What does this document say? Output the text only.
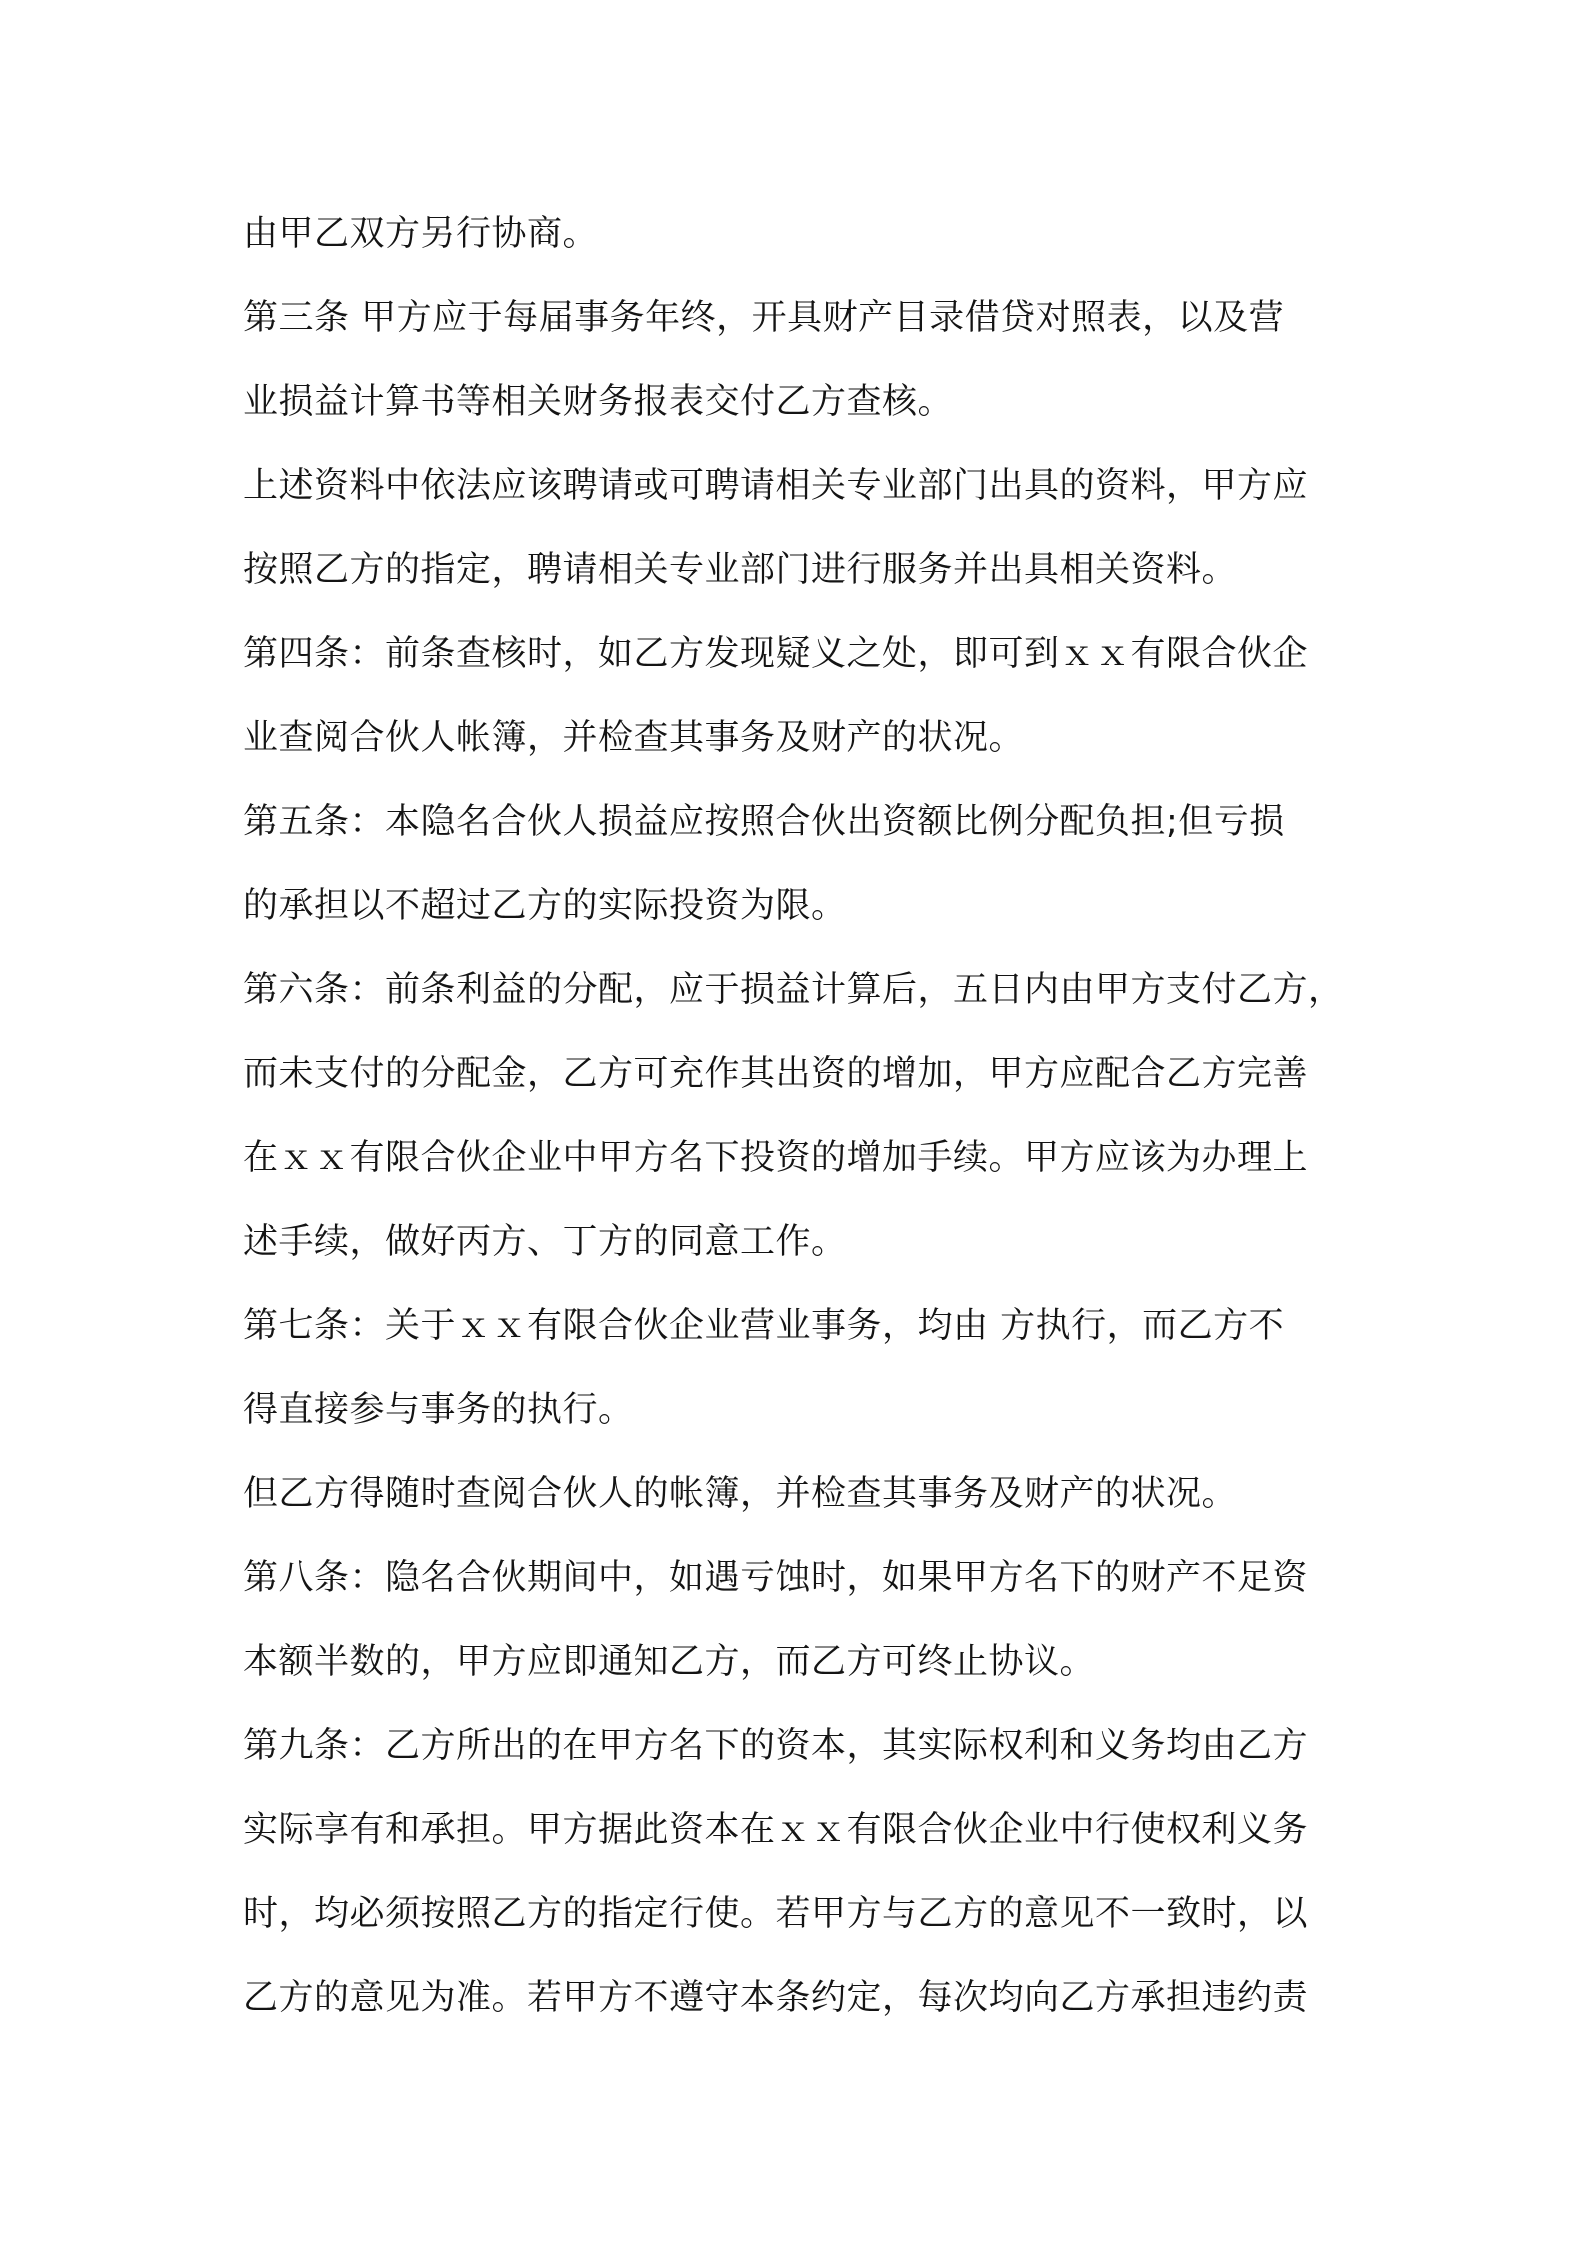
由甲乙双方另行协商。

第三条 甲方应于每届事务年终，开具财产目录借贷对照表，以及营
业损益计算书等相关财务报表交付乙方查核。

上述资料中依法应该聘请或可聘请相关专业部门出具的资料，甲方应
按照乙方的指定，聘请相关专业部门进行服务并出具相关资料。

第四条：前条查核时，如乙方发现疑义之处，即可到ｘｘ有限合伙企
业查阅合伙人帐簿，并检查其事务及财产的状况。

第五条：本隐名合伙人损益应按照合伙出资额比例分配负担;但亏损
的承担以不超过乙方的实际投资为限。

第六条：前条利益的分配，应于损益计算后，五日内由甲方支付乙方，
而未支付的分配金，乙方可充作其出资的增加，甲方应配合乙方完善
在ｘｘ有限合伙企业中甲方名下投资的增加手续。甲方应该为办理上
述手续，做好丙方、丁方的同意工作。

第七条：关于ｘｘ有限合伙企业营业事务，均由 方执行，而乙方不
得直接参与事务的执行。

但乙方得随时查阅合伙人的帐簿，并检查其事务及财产的状况。

第八条：隐名合伙期间中，如遇亏蚀时，如果甲方名下的财产不足资
本额半数的，甲方应即通知乙方，而乙方可终止协议。

第九条：乙方所出的在甲方名下的资本，其实际权利和义务均由乙方
实际享有和承担。甲方据此资本在ｘｘ有限合伙企业中行使权利义务
时，均必须按照乙方的指定行使。若甲方与乙方的意见不一致时，以
乙方的意见为准。若甲方不遵守本条约定，每次均向乙方承担违约责
